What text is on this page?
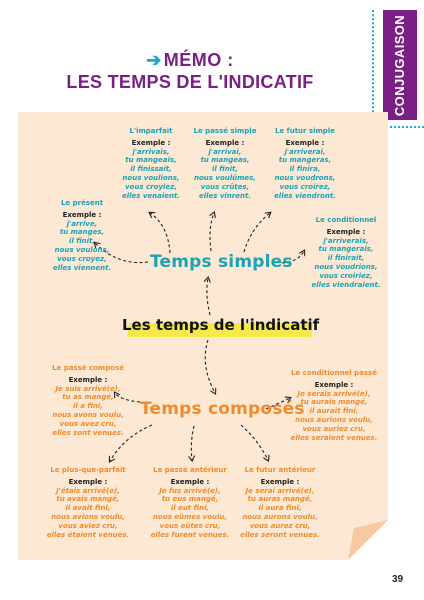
➔ MÉMO :
LES TEMPS DE L'INDICATIF	CONJUGAISON
Le présent
Exemple :
j'arrive,
tu manges,
il finit,
nous voulons,
vous croyez,
elles viennent.
L'imparfait
Exemple :
j'arrivais,
tu mangeais,
il finissait,
nous voulions,
vous croyiez,
elles venaient.
Le passé simple
Exemple :
j'arrivai,
tu mangeas,
il finit,
nous voulûmes,
vous crûtes,
elles vinrent.
Le futur simple
Exemple :
j'arriverai,
tu mangeras,
il finira,
nous voudrons,
vous croirez,
elles viendront.
Le conditionnel
Exemple :
j'arriverais,
tu mangerais,
il finirait,
nous voudrions,
vous croiriez,
elles viendraient.
Temps simples
Les temps de l'indicatif
Temps composés
Le passé composé
Exemple :
Je suis arrivé(e),
tu as mangé,
il a fini,
nous avons voulu,
vous avez cru,
elles sont venues.
Le conditionnel passé
Exemple :
Je serais arrivé(e),
tu aurais mangé,
il aurait fini,
nous aurions voulu,
vous auriez cru,
elles seraient venues.
Le plus-que-parfait
Exemple :
J'étais arrivé(e),
tu avais mangé,
il avait fini,
nous avions voulu,
vous aviez cru,
elles étaient venues.
Le passé antérieur
Exemple :
Je fus arrivé(e),
tu eus mangé,
il eut fini,
nous eûmes voulu,
vous eûtes cru,
elles furent venues.
Le futur antérieur
Exemple :
Je serai arrivé(e),
tu auras mangé,
il aura fini,
nous aurons voulu,
vous aurez cru,
elles seront venues.
39
